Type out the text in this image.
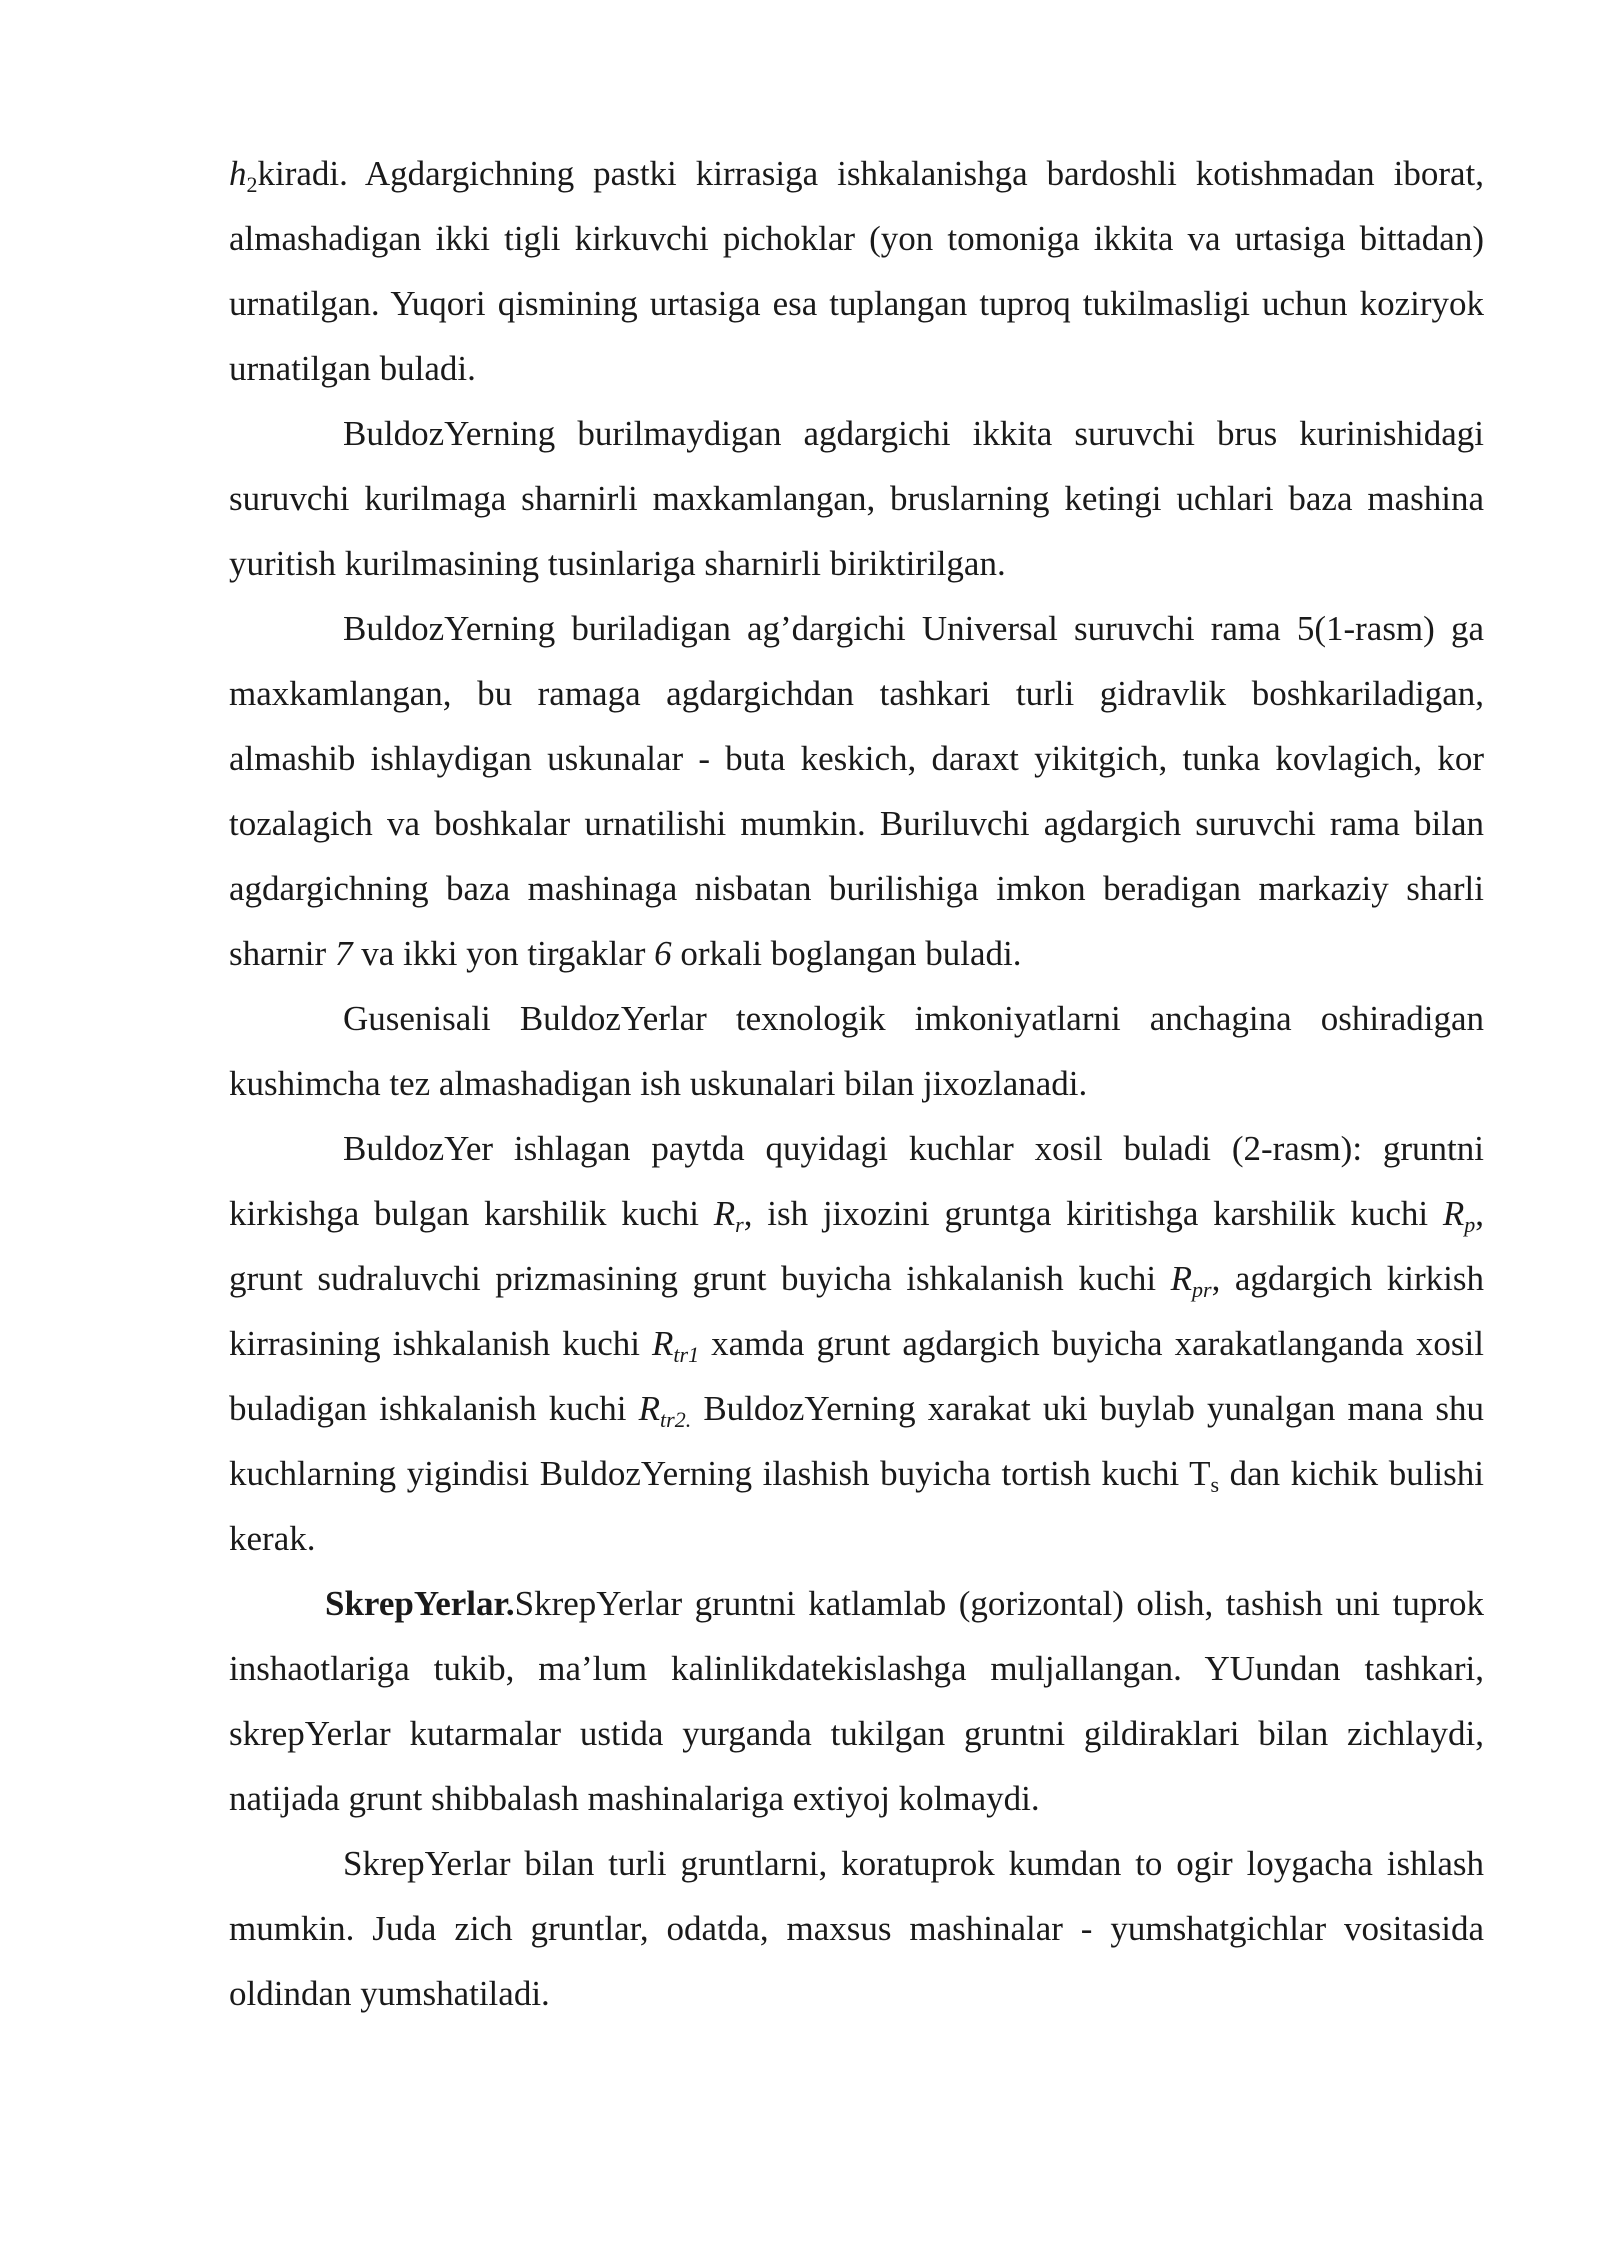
$h_2kiradi$. Agdargichning pastki kirrasiga ishkalanishga bardoshli kotishmadan iborat, almashadigan ikki tigli kirkuvchi pichoklar (yon tomoniga ikkita va urtasiga bittadan) urnatilgan. Yuqori qismining urtasiga esa tuplangan tuproq tukilmasligi uchun koziryok urnatilgan buladi.

BuldozYerning burilmaydigan agdargichi ikkita suruvchi brus kurinishidagi suruvchi kurilmaga sharnirli maxkamlangan, bruslarning ketingi uchlari baza mashina yuritish kurilmasining tusinlariga sharnirli biriktirilgan.

BuldozYerning buriladigan ag’dargichi Universal suruvchi rama 5(1-rasm) ga maxkamlangan, bu ramaga agdargichdan tashkari turli gidravlik boshkariladigan, almashib ishlaydigan uskunalar - buta keskich, daraxt yikitgich, tunka kovlagich, kor tozalagich va boshkalar urnatilishi mumkin. Buriluvchi agdargich suruvchi rama bilan agdargichning baza mashinaga nisbatan burilishiga imkon beradigan markaziy sharli sharnir 7 va ikki yon tirgaklar 6 orkali boglangan buladi.

Gusenisali BuldozYerlar texnologik imkoniyatlarni anchagina oshiradigan kushimcha tez almashadigan ish uskunalari bilan jixozlanadi.

BuldozYer ishlagan paytda quyidagi kuchlar xosil buladi (2-rasm): gruntni kirkishga bulgan karshilik kuchi $R_r$, ish jixozini gruntga kiritishga karshilik kuchi $R_p$, grunt sudraluvchi prizmasining grunt buyicha ishkalanish kuchi $R_{pr}$, agdargich kirkish kirrasining ishkalanish kuchi $R_{tr1}$ xamda grunt agdargich buyicha xarakatlanganda xosil buladigan ishkalanish kuchi $R_{tr2.}$ BuldozYerning xarakat uki buylab yunalgan mana shu kuchlarning yigindisi BuldozYerning ilashish buyicha tortish kuchi $T_s$ dan kichik bulishi kerak.

SkrepYerlar.SkrepYerlar gruntni katlamlab (gorizontal) olish, tashish uni tuprok inshaotlariga tukib, ma’lum kalinlikdatekislashga muljallangan. YUundan tashkari, skrepYerlar kutarmalar ustida yurganda tukilgan gruntni gildiraklari bilan zichlaydi, natijada grunt shibbalash mashinalariga extiyoj kolmaydi.

SkrepYerlar bilan turli gruntlarni, koratuprok kumdan to ogir loygacha ishlash mumkin. Juda zich gruntlar, odatda, maxsus mashinalar - yumshatgichlar vositasida oldindan yumshatiladi.
